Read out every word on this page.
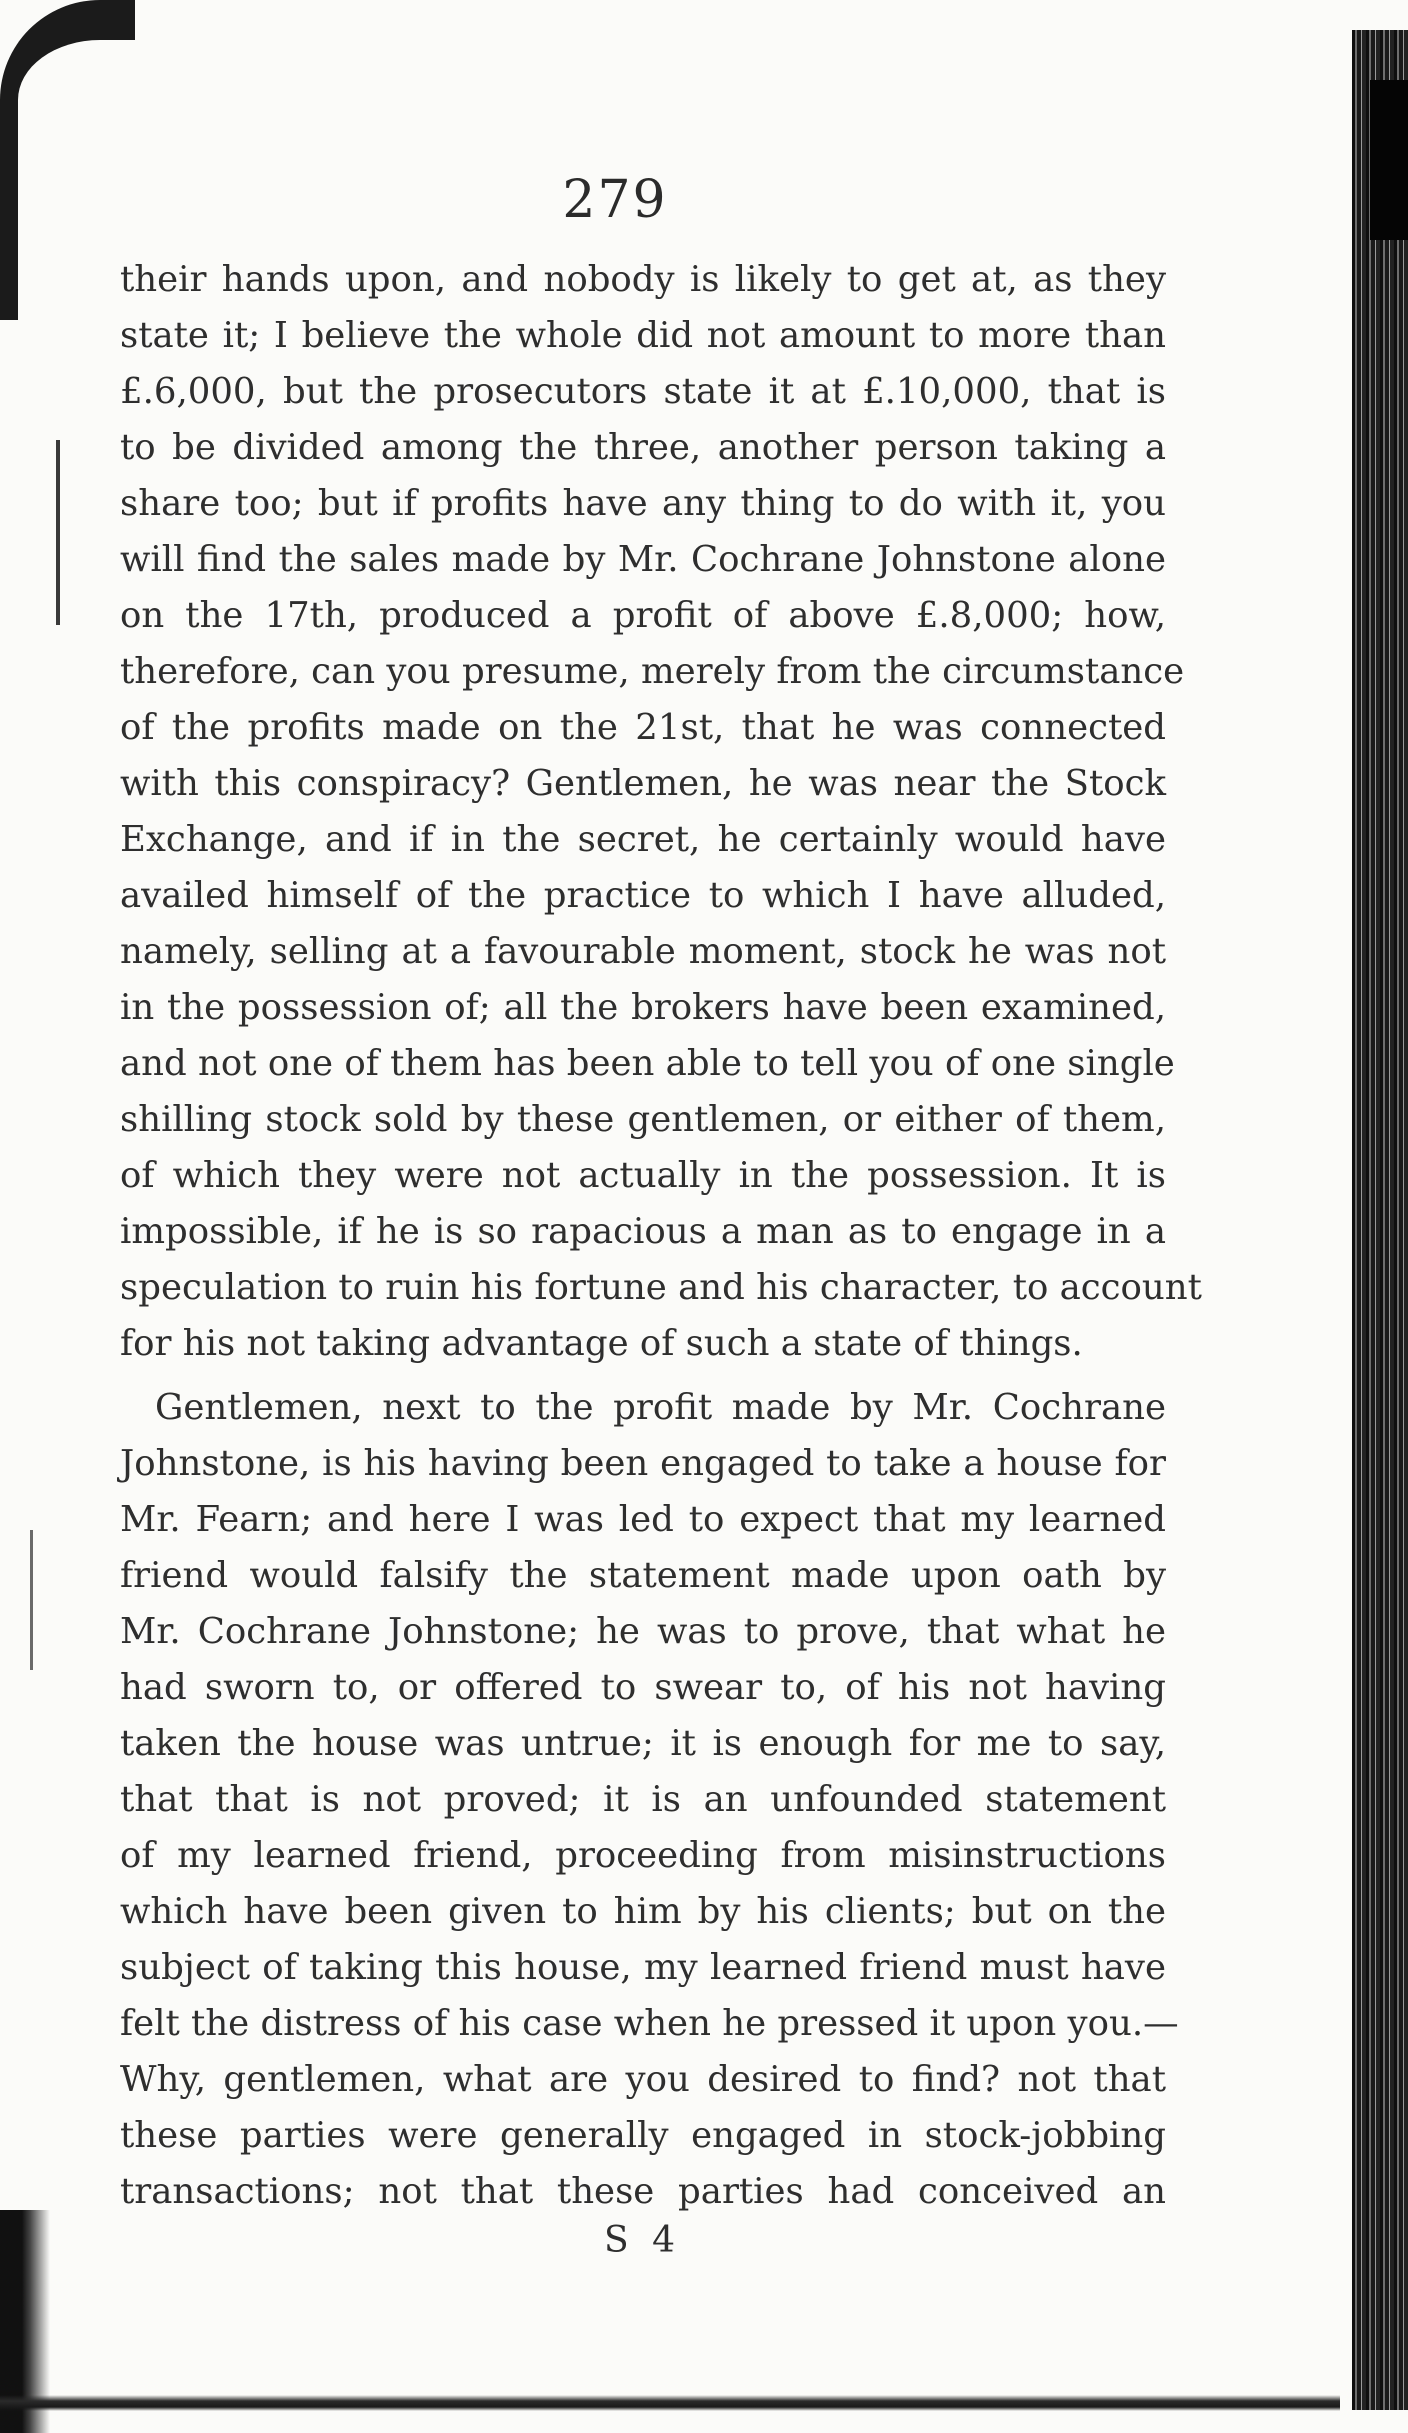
279
their hands upon, and nobody is likely to get at, as they
state it; I believe the whole did not amount to more than
£.6,000, but the prosecutors state it at £.10,000, that is
to be divided among the three, another person taking a
share too; but if profits have any thing to do with it, you
will find the sales made by Mr. Cochrane Johnstone alone
on the 17th, produced a profit of above £.8,000; how,
therefore, can you presume, merely from the circumstance
of the profits made on the 21st, that he was connected
with this conspiracy? Gentlemen, he was near the Stock
Exchange, and if in the secret, he certainly would have
availed himself of the practice to which I have alluded,
namely, selling at a favourable moment, stock he was not
in the possession of; all the brokers have been examined,
and not one of them has been able to tell you of one single
shilling stock sold by these gentlemen, or either of them,
of which they were not actually in the possession. It is
impossible, if he is so rapacious a man as to engage in a
speculation to ruin his fortune and his character, to account
for his not taking advantage of such a state of things.
Gentlemen, next to the profit made by Mr. Cochrane
Johnstone, is his having been engaged to take a house for
Mr. Fearn; and here I was led to expect that my learned
friend would falsify the statement made upon oath by
Mr. Cochrane Johnstone; he was to prove, that what he
had sworn to, or offered to swear to, of his not having
taken the house was untrue; it is enough for me to say,
that that is not proved; it is an unfounded statement
of my learned friend, proceeding from misinstructions
which have been given to him by his clients; but on the
subject of taking this house, my learned friend must have
felt the distress of his case when he pressed it upon you.—
Why, gentlemen, what are you desired to find? not that
these parties were generally engaged in stock-jobbing
transactions; not that these parties had conceived an
S 4
